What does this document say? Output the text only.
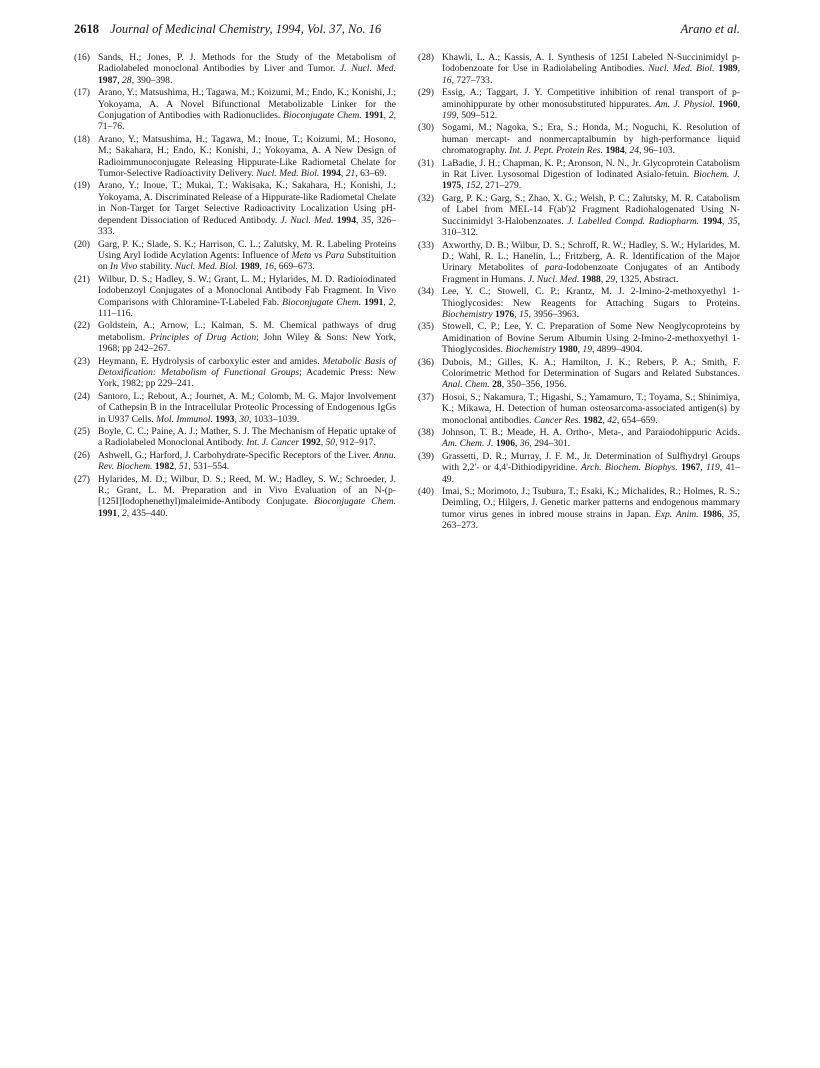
2618 Journal of Medicinal Chemistry, 1994, Vol. 37, No. 16	Arano et al.
(16) Sands, H.; Jones, P. J. Methods for the Study of the Metabolism of Radiolabeled monoclonal Antibodies by Liver and Tumor. J. Nucl. Med. 1987, 28, 390–398.
(17) Arano, Y.; Matsushima, H.; Tagawa, M.; Koizumi, M.; Endo, K.; Konishi, J.; Yokoyama, A. A Novel Bifunctional Metabolizable Linker for the Conjugation of Antibodies with Radionuclides. Bioconjugate Chem. 1991, 2, 71–76.
(18) Arano, Y.; Matsushima, H.; Tagawa, M.; Inoue, T.; Koizumi, M.; Hosono, M.; Sakahara, H.; Endo, K.; Konishi, J.; Yokoyama, A. A New Design of Radioimmunoconjugate Releasing Hippurate-Like Radiometal Chelate for Tumor-Selective Radioactivity Delivery. Nucl. Med. Biol. 1994, 21, 63–69.
(19) Arano, Y.; Inoue, T.; Mukai, T.; Wakisaka, K.; Sakahara, H.; Konishi, J.; Yokoyama, A. Discriminated Release of a Hippurate-like Radiometal Chelate in Non-Target for Target Selective Radioactivity Localization Using pH-dependent Dissociation of Reduced Antibody. J. Nucl. Med. 1994, 35, 326–333.
(20) Garg, P. K.; Slade, S. K.; Harrison, C. L.; Zalutsky, M. R. Labeling Proteins Using Aryl Iodide Acylation Agents: Influence of Meta vs Para Substituition on In Vivo stability. Nucl. Med. Biol. 1989, 16, 669–673.
(21) Wilbur, D. S.; Hadley, S. W.; Grant, L. M.; Hylarides, M. D. Radioiodinated Iodobenzoyl Conjugates of a Monoclonal Antibody Fab Fragment. In Vivo Comparisons with Chloramine-T-Labeled Fab. Bioconjugate Chem. 1991, 2, 111–116.
(22) Goldstein, A.; Arnow, L.; Kalman, S. M. Chemical pathways of drug metabolism. Principles of Drug Action; John Wiley & Sons: New York, 1968; pp 242–267.
(23) Heymann, E. Hydrolysis of carboxylic ester and amides. Metabolic Basis of Detoxification: Metabolism of Functional Groups; Academic Press: New York, 1982; pp 229–241.
(24) Santoro, L.; Rebout, A.; Journet, A. M.; Colomb, M. G. Major Involvement of Cathepsin B in the Intracellular Proteolic Processing of Endogenous IgGs in U937 Cells. Mol. Immunol. 1993, 30, 1033–1039.
(25) Boyle, C. C.; Paine, A. J.; Mather, S. J. The Mechanism of Hepatic uptake of a Radiolabeled Monoclonal Antibody. Int. J. Cancer 1992, 50, 912–917.
(26) Ashwell, G.; Harford, J. Carbohydrate-Specific Receptors of the Liver. Annu. Rev. Biochem. 1982, 51, 531–554.
(27) Hylarides, M. D.; Wilbur, D. S.; Reed, M. W.; Hadley, S. W.; Schroeder, J. R.; Grant, L. M. Preparation and in Vivo Evaluation of an N-(p-[125I]Iodophenethyl)maleimide-Antibody Conjugate. Bioconjugate Chem. 1991, 2, 435–440.
(28) Khawli, L. A.; Kassis, A. I. Synthesis of 125I Labeled N-Succinimidyl p-Iodobenzoate for Use in Radiolabeling Antibodies. Nucl. Med. Biol. 1989, 16, 727–733.
(29) Essig, A.; Taggart, J. Y. Competitive inhibition of renal transport of p-aminohippurate by other monosubstituted hippurates. Am. J. Physiol. 1960, 199, 509–512.
(30) Sogami, M.; Nagoka, S.; Era, S.; Honda, M.; Noguchi, K. Resolution of human mercapt- and nonmercaptalbumin by high-performance liquid chromatography. Int. J. Pept. Protein Res. 1984, 24, 96–103.
(31) LaBadie, J. H.; Chapman, K. P.; Aronson, N. N., Jr. Glycoprotein Catabolism in Rat Liver. Lysosomal Digestion of Iodinated Asialo-fetuin. Biochem. J. 1975, 152, 271–279.
(32) Garg, P. K.; Garg, S.; Zhao, X. G.; Welsh, P. C.; Zalutsky, M. R. Catabolism of Label from MEL-14 F(ab')2 Fragment Radiohalogenated Using N-Succinimidyl 3-Halobenzoates. J. Labelled Compd. Radiopharm. 1994, 35, 310–312.
(33) Axworthy, D. B.; Wilbur, D. S.; Schroff, R. W.; Hadley, S. W.; Hylarides, M. D.; Wahl, R. L.; Hanelin, L.; Fritzberg, A. R. Identification of the Major Urinary Metabolites of para-Iodobenzoate Conjugates of an Antibody Fragment in Humans. J. Nucl. Med. 1988, 29, 1325, Abstract.
(34) Lee, Y. C.; Stowell, C. P.; Krantz, M. J. 2-Imino-2-methoxyethyl 1-Thioglycosides: New Reagents for Attaching Sugars to Proteins. Biochemistry 1976, 15, 3956–3963.
(35) Stowell, C. P.; Lee, Y. C. Preparation of Some New Neoglycoproteins by Amidination of Bovine Serum Albumin Using 2-Imino-2-methoxyethyl 1-Thioglycosides. Biochemistry 1980, 19, 4899–4904.
(36) Dubois, M.; Gilles, K. A.; Hamilton, J. K.; Rebers, P. A.; Smith, F. Colorimetric Method for Determination of Sugars and Related Substances. Anal. Chem. 28, 350–356, 1956.
(37) Hosoi, S.; Nakamura, T.; Higashi, S.; Yamamuro, T.; Toyama, S.; Shinimiya, K.; Mikawa, H. Detection of human osteosarcoma-associated antigen(s) by monoclonal antibodies. Cancer Res. 1982, 42, 654–659.
(38) Johnson, T. B.; Meade, H. A. Ortho-, Meta-, and Paraiodohippuric Acids. Am. Chem. J. 1906, 36, 294–301.
(39) Grassetti, D. R.; Murray, J. F. M., Jr. Determination of Sulfhydryl Groups with 2,2'- or 4,4'-Dithiodipyridine. Arch. Biochem. Biophys. 1967, 119, 41–49.
(40) Imai, S.; Morimoto, J.; Tsubura, T.; Esaki, K.; Michalides, R.; Holmes, R. S.; Deimling, O.; Hilgers, J. Genetic marker patterns and endogenous mammary tumor virus genes in inbred mouse strains in Japan. Exp. Anim. 1986, 35, 263–273.
